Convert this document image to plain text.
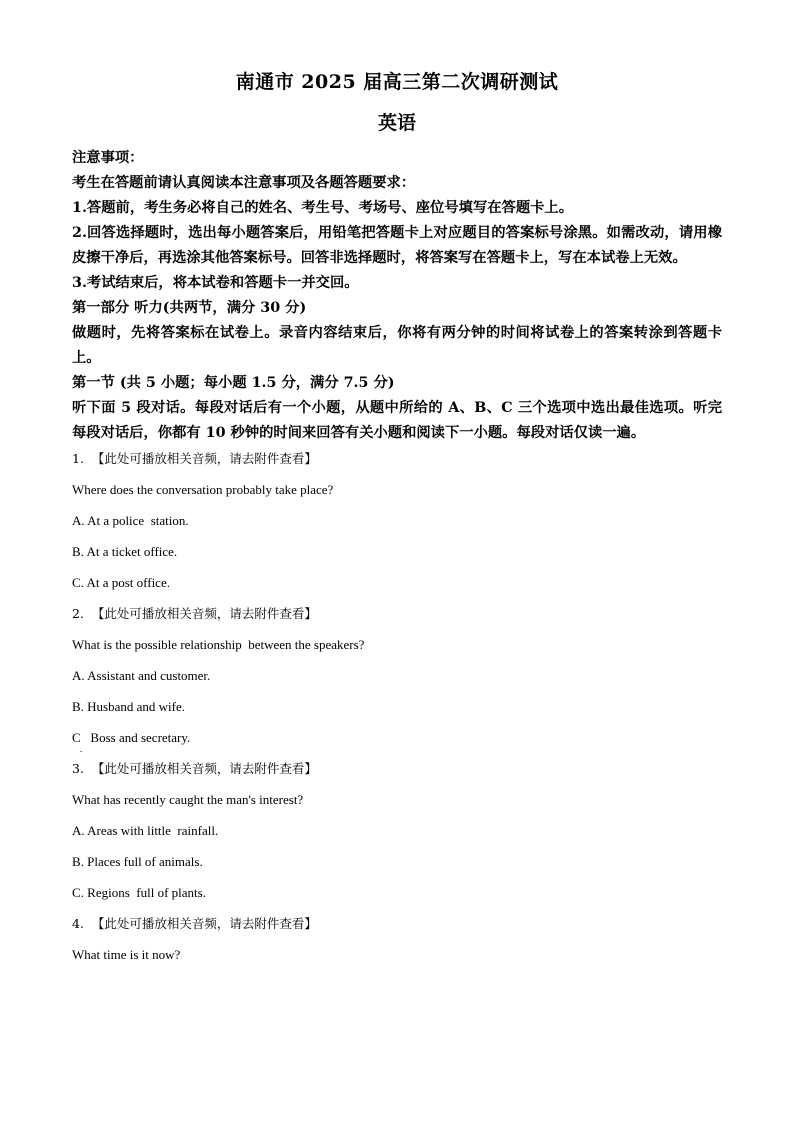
南通市 2025 届高三第二次调研测试
英语

注意事项：

考生在答题前请认真阅读本注意事项及各题答题要求：

1.答题前，考生务必将自己的姓名、考生号、考场号、座位号填写在答题卡上。

2.回答选择题时，选出每小题答案后，用铅笔把答题卡上对应题目的答案标号涂黑。如需改动，请用橡皮擦干净后，再选涂其他答案标号。回答非选择题时，将答案写在答题卡上，写在本试卷上无效。

3.考试结束后，将本试卷和答题卡一并交回。

第一部分 听力(共两节，满分 30 分)

做题时，先将答案标在试卷上。录音内容结束后，你将有两分钟的时间将试卷上的答案转涂到答题卡上。

第一节 (共 5 小题；每小题 1.5 分，满分 7.5 分)

听下面 5 段对话。每段对话后有一个小题，从题中所给的 A、B、C 三个选项中选出最佳选项。听完每段对话后，你都有 10 秒钟的时间来回答有关小题和阅读下一小题。每段对话仅读一遍。

1.  【此处可播放相关音频，请去附件查看】

Where does the conversation probably take place?

A. At a police  station.

B. At a ticket office.

C. At a post office.

2.  【此处可播放相关音频，请去附件查看】

What is the possible relationship  between the speakers?

A. Assistant and customer.

B. Husband and wife.

C   Boss and secretary.

.

3.  【此处可播放相关音频，请去附件查看】

What has recently caught the man's interest?

A. Areas with little  rainfall.

B. Places full of animals.

C. Regions  full of plants.

4.  【此处可播放相关音频，请去附件查看】

What time is it now?
